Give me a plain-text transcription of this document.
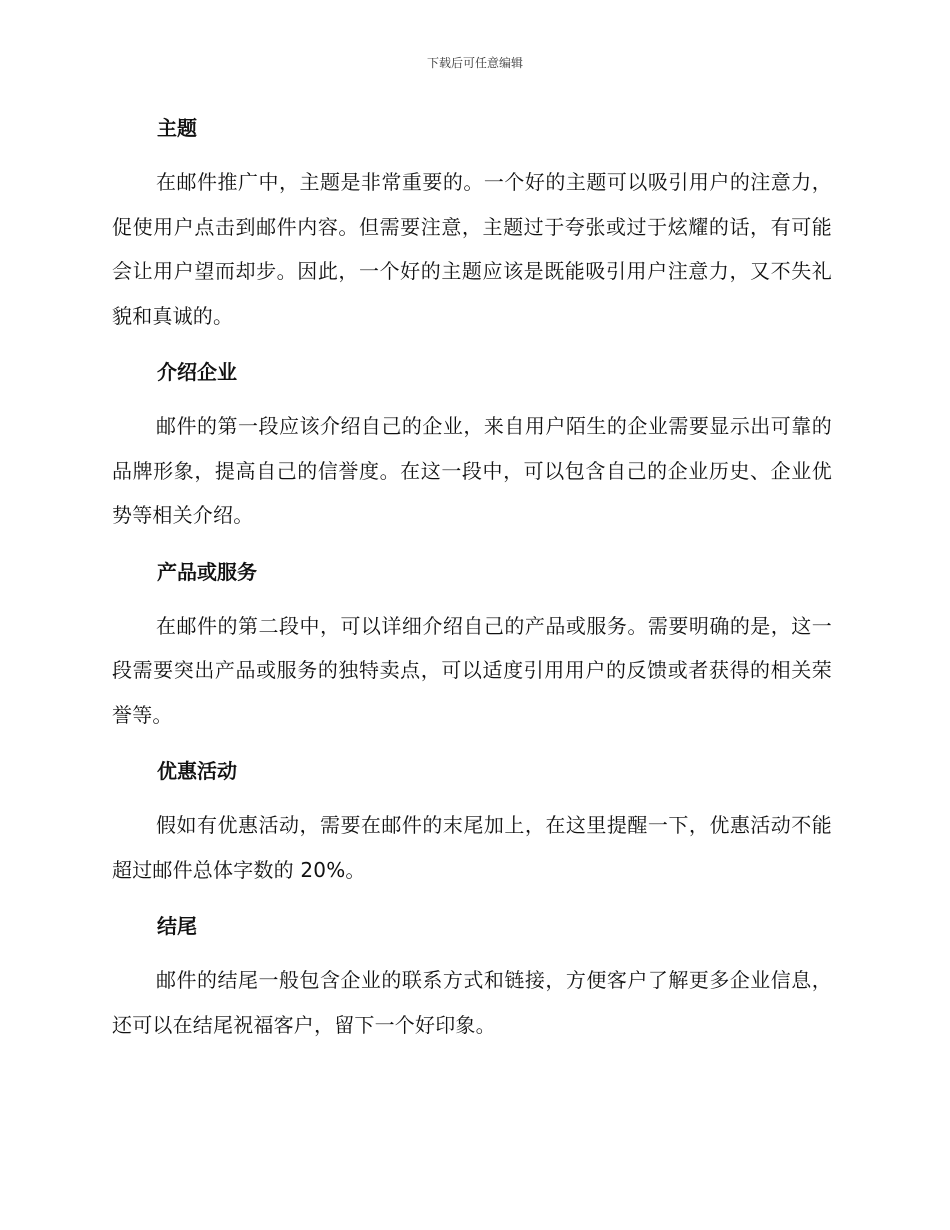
下载后可任意编辑
主题

在邮件推广中，主题是非常重要的。一个好的主题可以吸引用户的注意力，促使用户点击到邮件内容。但需要注意，主题过于夸张或过于炫耀的话，有可能会让用户望而却步。因此，一个好的主题应该是既能吸引用户注意力，又不失礼貌和真诚的。

介绍企业

邮件的第一段应该介绍自己的企业，来自用户陌生的企业需要显示出可靠的品牌形象，提高自己的信誉度。在这一段中，可以包含自己的企业历史、企业优势等相关介绍。

产品或服务

在邮件的第二段中，可以详细介绍自己的产品或服务。需要明确的是，这一段需要突出产品或服务的独特卖点，可以适度引用用户的反馈或者获得的相关荣誉等。

优惠活动

假如有优惠活动，需要在邮件的末尾加上，在这里提醒一下，优惠活动不能超过邮件总体字数的 20%。

结尾

邮件的结尾一般包含企业的联系方式和链接，方便客户了解更多企业信息，还可以在结尾祝福客户，留下一个好印象。
